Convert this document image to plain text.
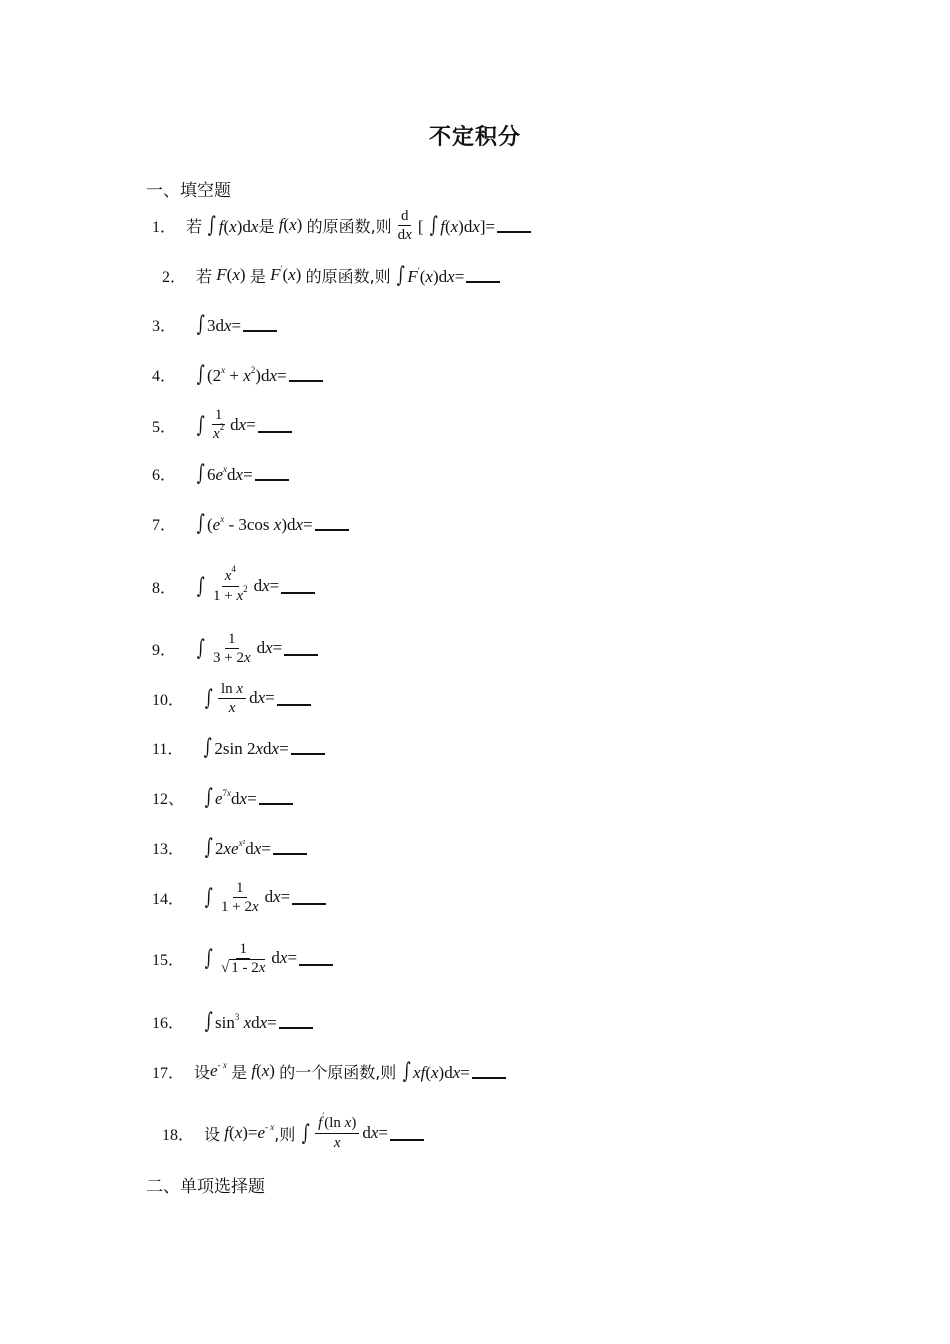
不定积分
一、填空题
1． 若 ∫ f(x)dx 是 f(x) 的原函数,则 $\frac{d}{dx}$ [ ∫ f(x)dx]=
2． 若 F(x) 是 F′(x) 的原函数,则 ∫ F′(x)dx=
3． ∫ 3dx=
4． ∫ $(2^x + x^2)dx=$
5． ∫ $\frac{1}{x^2} dx=$
6． ∫ $6e^xdx=$
7． ∫ ($e^x - 3\cos$ x)dx=
8． ∫ $\frac{x^4}{1 + x^2} dx=$
9． ∫ $\frac{1}{3 + 2x} dx=$
10． ∫ $\frac{\text{ln x}}{x} dx=$
11． ∫ 2sin 2xdx=
12、 ∫ $e^{7x}dx=$
13． ∫ $2xe^{x^2}dx=$
14． ∫ $\frac{1}{1 + 2x} dx=$
15． ∫ $\frac{1}{√ 1 - 2x} dx=$
16． ∫ $\sin^3 xdx=$
17． 设 $e^{- x}$ 是 f(x) 的一个原函数,则 ∫ xf(x)dx=
18． 设 $f(x)=e^{- x}$ ,则 ∫ $\frac{f'(\ln x)}{x} dx=$
二、单项选择题
